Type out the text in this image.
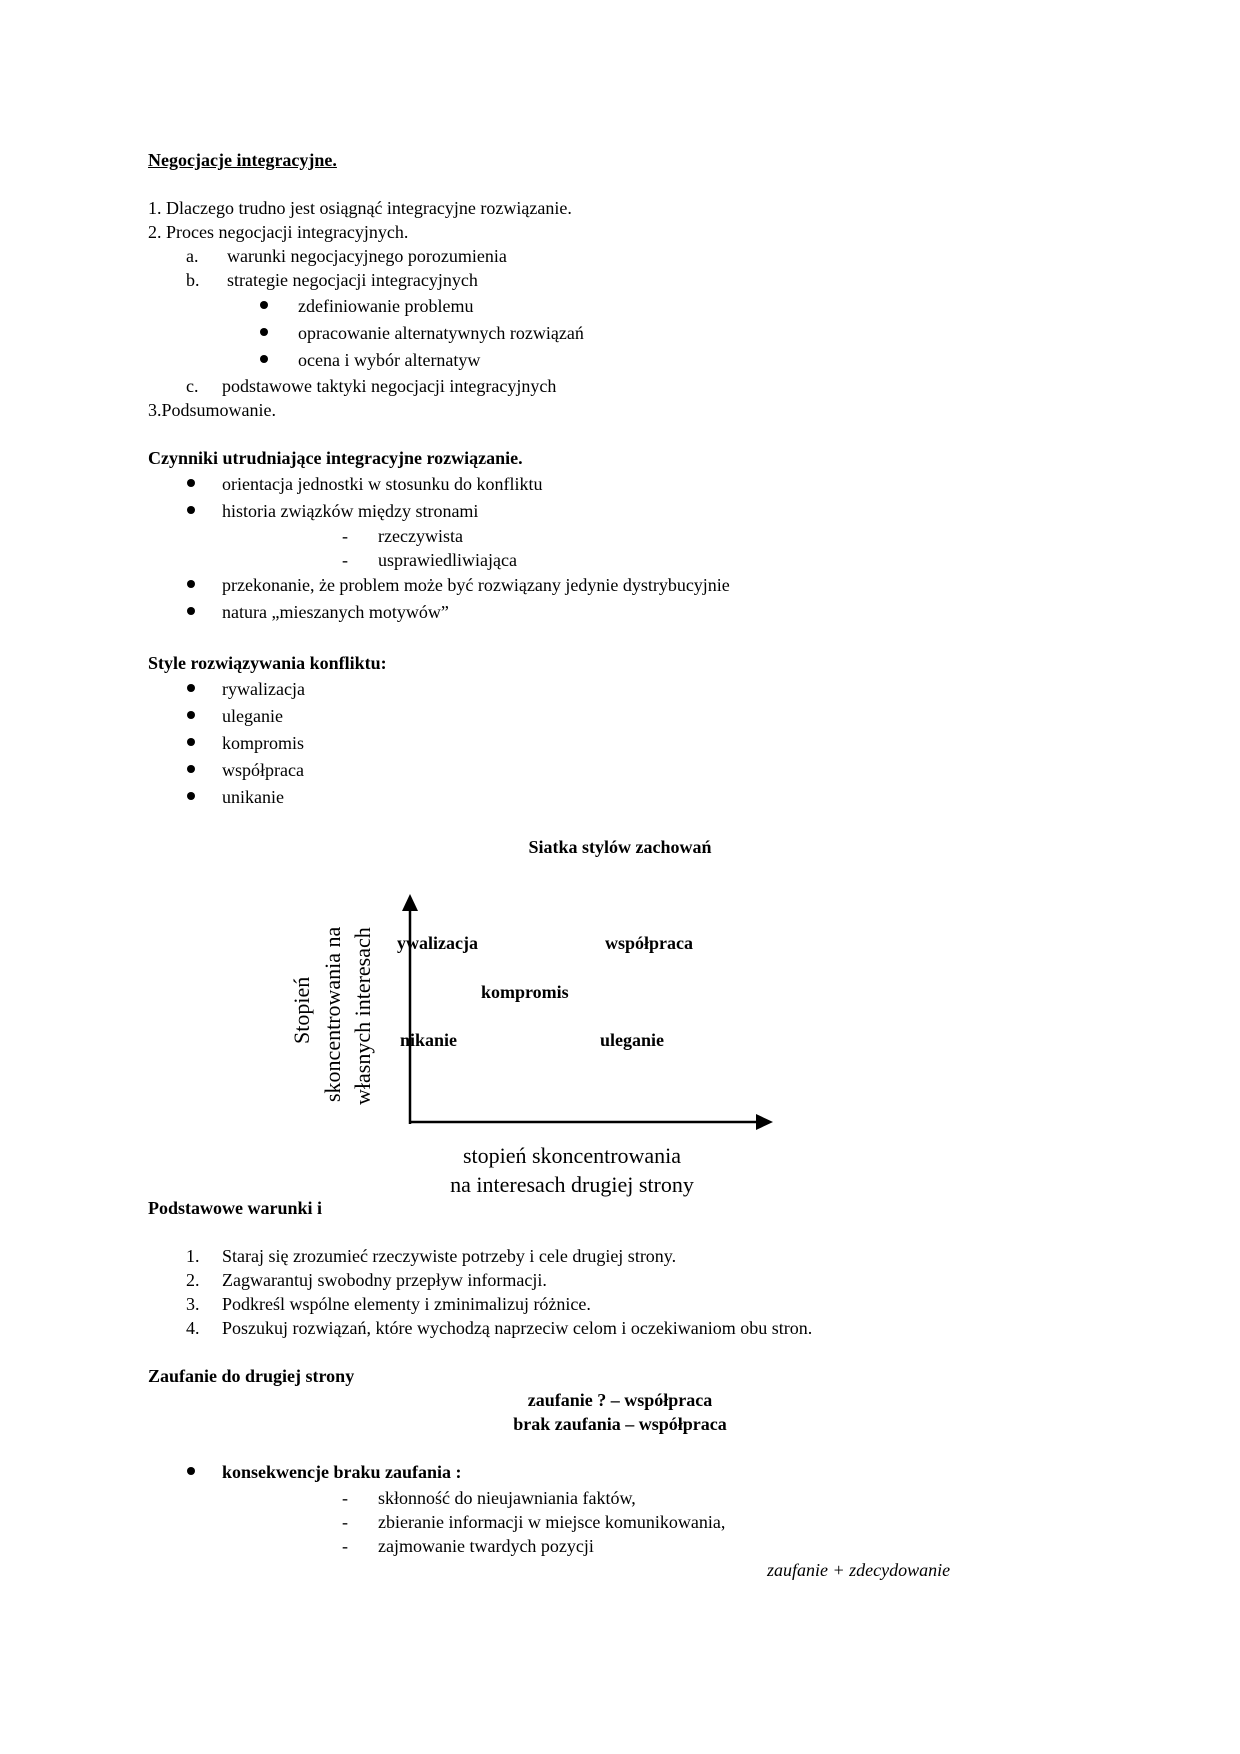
Negocjacje integracyjne.
1. Dlaczego trudno jest osiągnąć integracyjne rozwiązanie.
2. Proces negocjacji integracyjnych.
a. warunki negocjacyjnego porozumienia
b. strategie negocjacji integracyjnych
zdefiniowanie problemu
opracowanie alternatywnych rozwiązań
ocena i wybór alternatyw
c. podstawowe taktyki negocjacji integracyjnych
3.Podsumowanie.
Czynniki utrudniające integracyjne rozwiązanie.
orientacja jednostki w stosunku do konfliktu
historia związków między stronami
- rzeczywista
- usprawiedliwiająca
przekonanie, że problem może być rozwiązany jedynie dystrybucyjnie
natura „mieszanych motywów”
Style rozwiązywania konfliktu:
rywalizacja
uleganie
kompromis
współpraca
unikanie
Siatka stylów zachowań
Stopień skoncentrowania na własnych interesach ywalizacja	współpraca
kompromis
nikanie	uleganie
stopień skoncentrowania
na interesach drugiej strony
Podstawowe warunki i
1. Staraj się zrozumieć rzeczywiste potrzeby i cele drugiej strony.
2. Zagwarantuj swobodny przepływ informacji.
3. Podkreśl wspólne elementy i zminimalizuj różnice.
4. Poszukuj rozwiązań, które wychodzą naprzeciw celom i oczekiwaniom obu stron.
Zaufanie do drugiej strony
zaufanie ? – współpraca
brak zaufania – współpraca
konsekwencje braku zaufania :
- skłonność do nieujawniania faktów,
- zbieranie informacji w miejsce komunikowania,
- zajmowanie twardych pozycji
zaufanie + zdecydowanie
